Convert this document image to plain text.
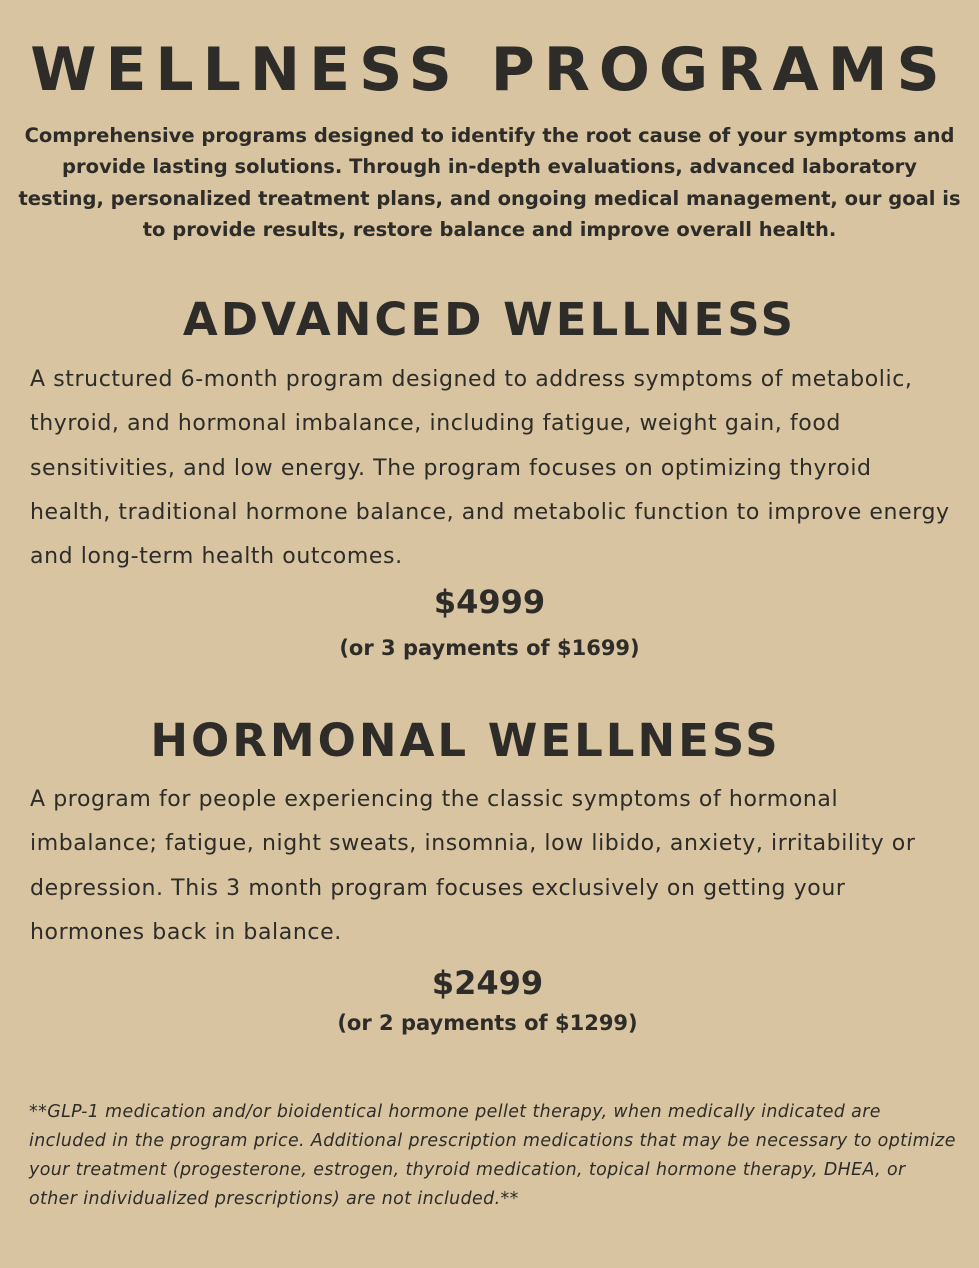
WELLNESS PROGRAMS

Comprehensive programs designed to identify the root cause of your symptoms and provide lasting solutions. Through in-depth evaluations, advanced laboratory testing, personalized treatment plans, and ongoing medical management, our goal is to provide results, restore balance and improve overall health.

ADVANCED WELLNESS

A structured 6-month program designed to address symptoms of metabolic, thyroid, and hormonal imbalance, including fatigue, weight gain, food sensitivities, and low energy. The program focuses on optimizing thyroid health, traditional hormone balance, and metabolic function to improve energy and long-term health outcomes.

$4999
(or 3 payments of $1699)
HORMONAL WELLNESS

A program for people experiencing the classic symptoms of hormonal imbalance; fatigue, night sweats, insomnia, low libido, anxiety, irritability or depression. This 3 month program focuses exclusively on getting your hormones back in balance.

$2499
(or 2 payments of $1299)

**GLP-1 medication and/or bioidentical hormone pellet therapy, when medically indicated are included in the program price. Additional prescription medications that may be necessary to optimize your treatment (progesterone, estrogen, thyroid medication, topical hormone therapy, DHEA, or other individualized prescriptions) are not included.**
